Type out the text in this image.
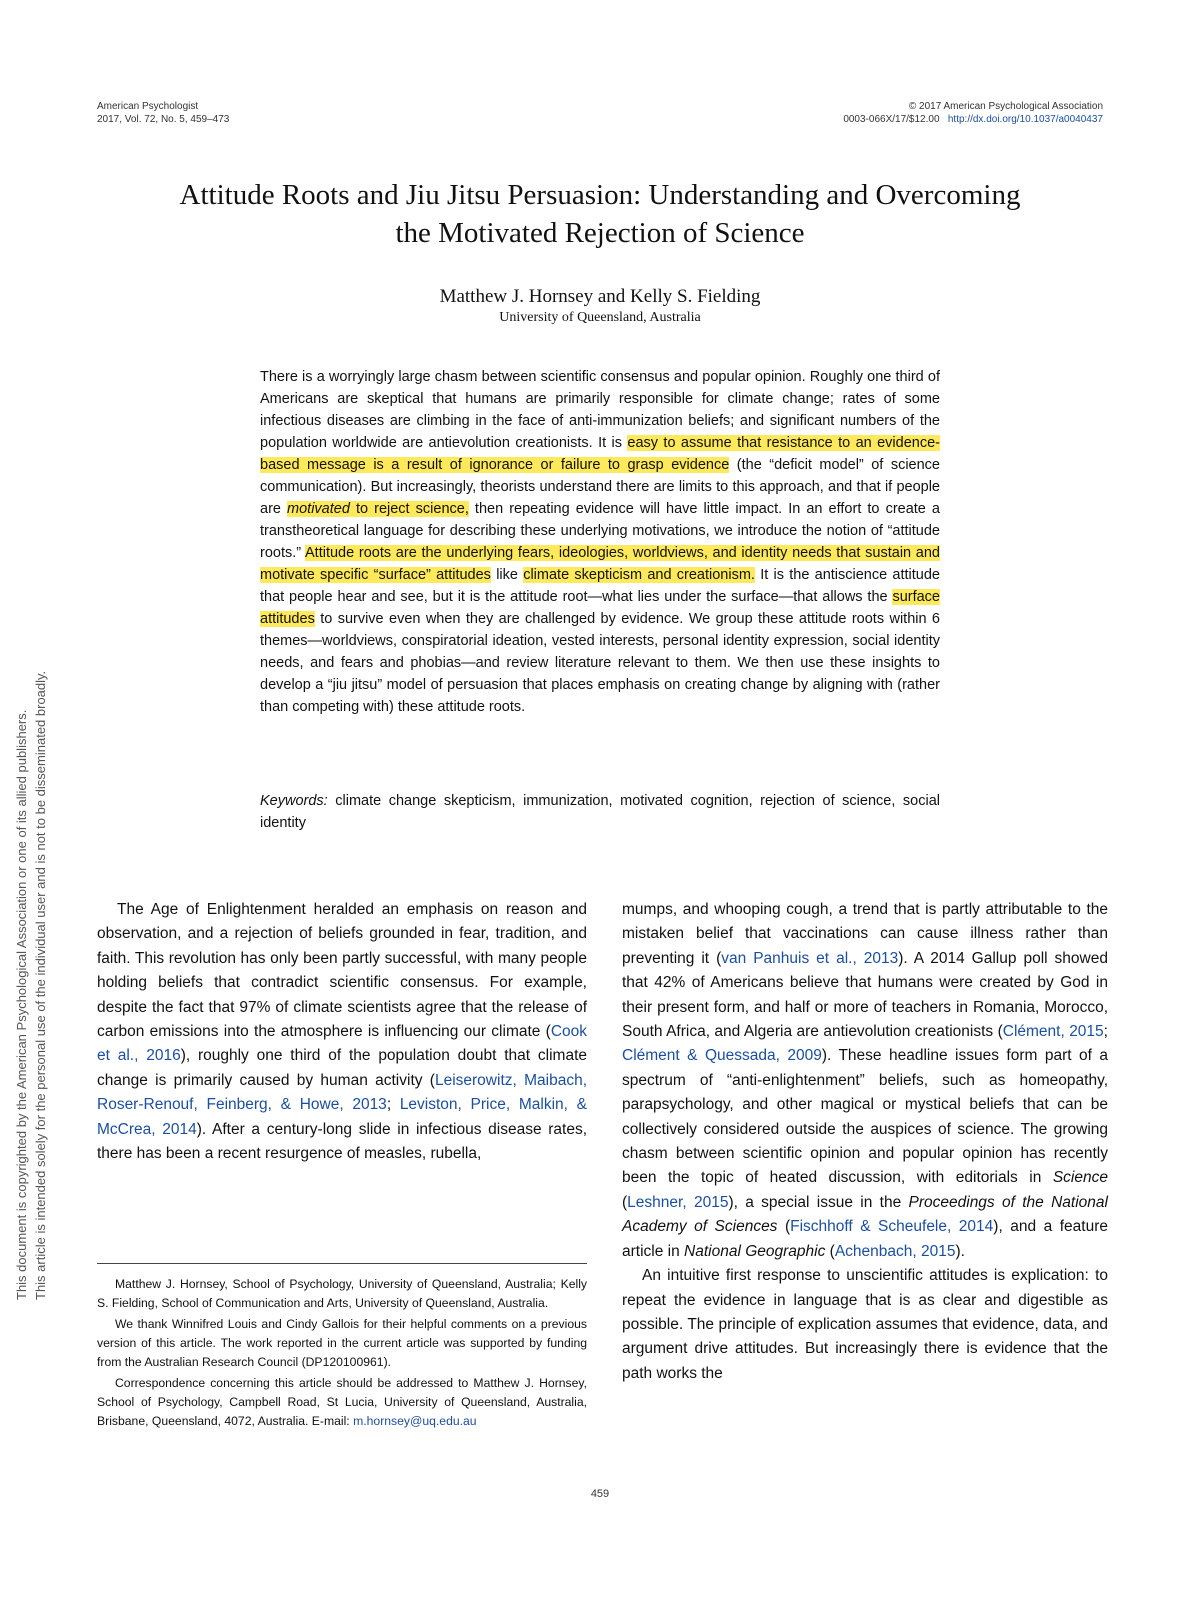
American Psychologist
2017, Vol. 72, No. 5, 459–473
© 2017 American Psychological Association
0003-066X/17/$12.00 http://dx.doi.org/10.1037/a0040437
Attitude Roots and Jiu Jitsu Persuasion: Understanding and Overcoming
the Motivated Rejection of Science
Matthew J. Hornsey and Kelly S. Fielding
University of Queensland, Australia
There is a worryingly large chasm between scientific consensus and popular opinion. Roughly one third of Americans are skeptical that humans are primarily responsible for climate change; rates of some infectious diseases are climbing in the face of anti-immunization beliefs; and significant numbers of the population worldwide are antievolution creationists. It is easy to assume that resistance to an evidence-based message is a result of ignorance or failure to grasp evidence (the “deficit model” of science communication). But increasingly, theorists understand there are limits to this approach, and that if people are motivated to reject science, then repeating evidence will have little impact. In an effort to create a transtheoretical language for describing these underlying motivations, we introduce the notion of “attitude roots.” Attitude roots are the underlying fears, ideologies, worldviews, and identity needs that sustain and motivate specific “surface” attitudes like climate skepticism and creationism. It is the antiscience attitude that people hear and see, but it is the attitude root—what lies under the surface—that allows the surface attitudes to survive even when they are challenged by evidence. We group these attitude roots within 6 themes—worldviews, conspiratorial ideation, vested interests, personal identity expression, social identity needs, and fears and phobias—and review literature relevant to them. We then use these insights to develop a “jiu jitsu” model of persuasion that places emphasis on creating change by aligning with (rather than competing with) these attitude roots.
Keywords: climate change skepticism, immunization, motivated cognition, rejection of science, social identity

The Age of Enlightenment heralded an emphasis on reason and observation, and a rejection of beliefs grounded in fear, tradition, and faith. This revolution has only been partly successful, with many people holding beliefs that contradict scientific consensus. For example, despite the fact that 97% of climate scientists agree that the release of carbon emissions into the atmosphere is influencing our climate (Cook et al., 2016), roughly one third of the population doubt that climate change is primarily caused by human activity (Leiserowitz, Maibach, Roser-Renouf, Feinberg, & Howe, 2013; Leviston, Price, Malkin, & McCrea, 2014). After a century-long slide in infectious disease rates, there has been a recent resurgence of measles, rubella,

mumps, and whooping cough, a trend that is partly attributable to the mistaken belief that vaccinations can cause illness rather than preventing it (van Panhuis et al., 2013). A 2014 Gallup poll showed that 42% of Americans believe that humans were created by God in their present form, and half or more of teachers in Romania, Morocco, South Africa, and Algeria are antievolution creationists (Clément, 2015; Clément & Quessada, 2009). These headline issues form part of a spectrum of “anti-enlightenment” beliefs, such as homeopathy, parapsychology, and other magical or mystical beliefs that can be collectively considered outside the auspices of science. The growing chasm between scientific opinion and popular opinion has recently been the topic of heated discussion, with editorials in Science (Leshner, 2015), a special issue in the Proceedings of the National Academy of Sciences (Fischhoff & Scheufele, 2014), and a feature article in National Geographic (Achenbach, 2015).

An intuitive first response to unscientific attitudes is explication: to repeat the evidence in language that is as clear and digestible as possible. The principle of explication assumes that evidence, data, and argument drive attitudes. But increasingly there is evidence that the path works the

Matthew J. Hornsey, School of Psychology, University of Queensland, Australia; Kelly S. Fielding, School of Communication and Arts, University of Queensland, Australia.

We thank Winnifred Louis and Cindy Gallois for their helpful comments on a previous version of this article. The work reported in the current article was supported by funding from the Australian Research Council (DP120100961).

Correspondence concerning this article should be addressed to Matthew J. Hornsey, School of Psychology, Campbell Road, St Lucia, University of Queensland, Australia, Brisbane, Queensland, 4072, Australia. E-mail: m.hornsey@uq.edu.au

459
This document is copyrighted by the American Psychological Association or one of its allied publishers. This article is intended solely for the personal use of the individual user and is not to be disseminated broadly.
